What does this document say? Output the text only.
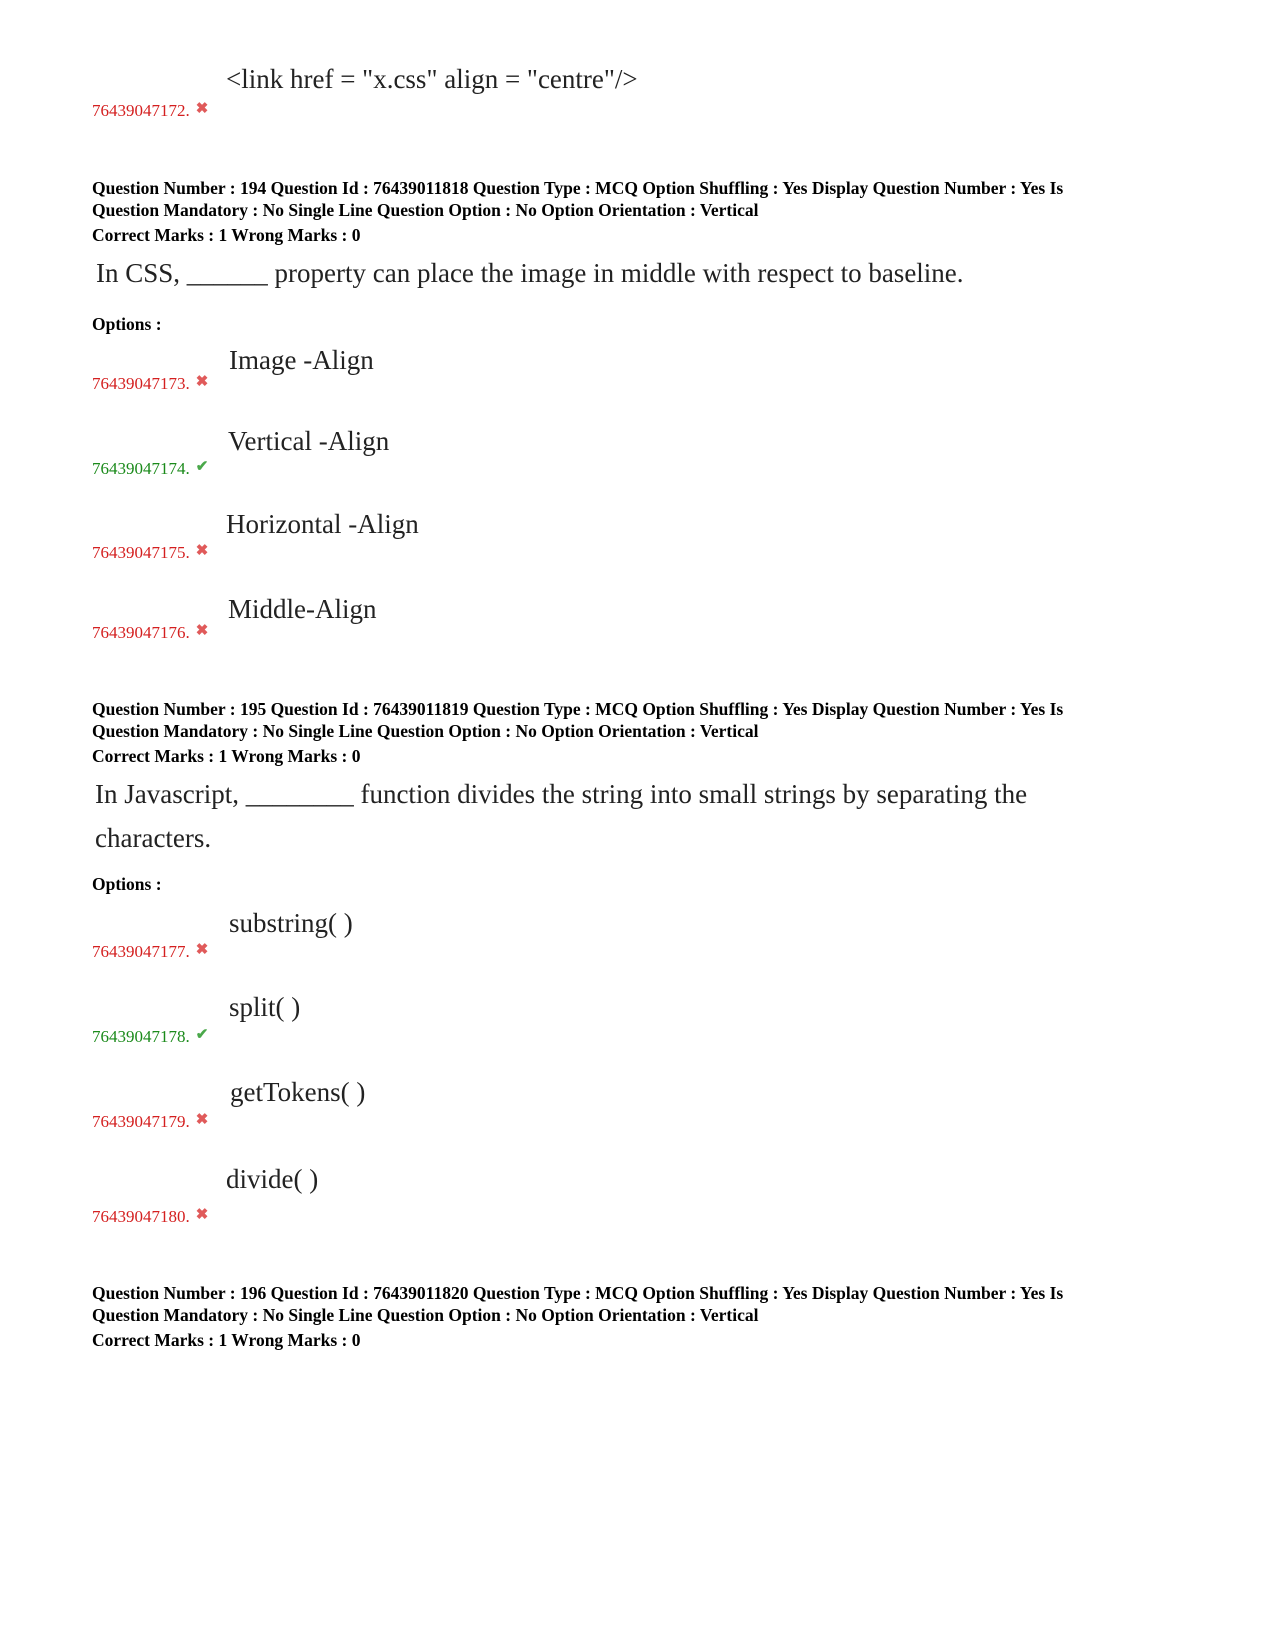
<link href = "x.css" align = "centre"/>
76439047172. ✖
Question Number : 194 Question Id : 76439011818 Question Type : MCQ Option Shuffling : Yes Display Question Number : Yes Is
Question Mandatory : No Single Line Question Option : No Option Orientation : Vertical
Correct Marks : 1 Wrong Marks : 0
In CSS, ______ property can place the image in middle with respect to baseline.
Options :
Image -Align
76439047173. ✖
Vertical -Align
76439047174. ✔
Horizontal -Align
76439047175. ✖
Middle-Align
76439047176. ✖
Question Number : 195 Question Id : 76439011819 Question Type : MCQ Option Shuffling : Yes Display Question Number : Yes Is
Question Mandatory : No Single Line Question Option : No Option Orientation : Vertical
Correct Marks : 1 Wrong Marks : 0
In Javascript, ________ function divides the string into small strings by separating the
characters.
Options :
substring( )
76439047177. ✖
split( )
76439047178. ✔
getTokens( )
76439047179. ✖
divide( )
76439047180. ✖
Question Number : 196 Question Id : 76439011820 Question Type : MCQ Option Shuffling : Yes Display Question Number : Yes Is
Question Mandatory : No Single Line Question Option : No Option Orientation : Vertical
Correct Marks : 1 Wrong Marks : 0
